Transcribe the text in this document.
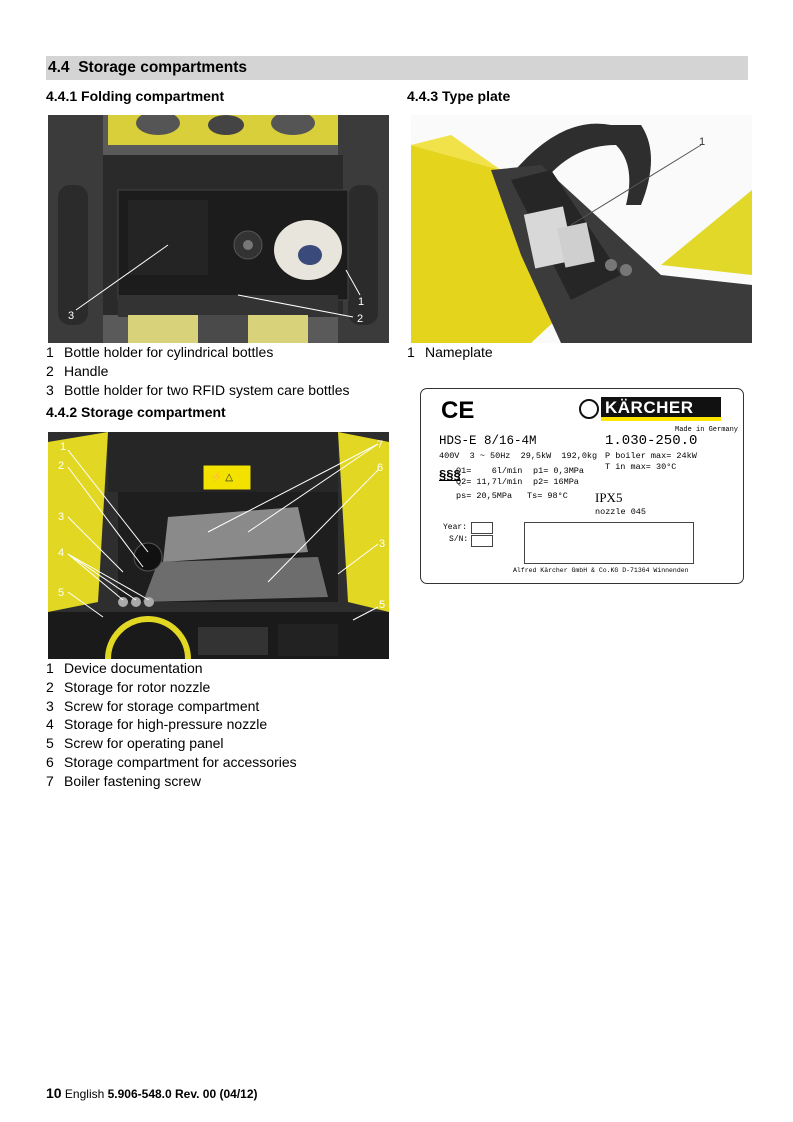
4.4 Storage compartments
4.4.1 Folding compartment
1
2
3
1 Bottle holder for cylindrical bottles
2 Handle
3 Bottle holder for two RFID system care bottles
4.4.2 Storage compartment
⚡ △
1
2
3
4
5
7
6
3
5
1 Device documentation
2 Storage for rotor nozzle
3 Screw for storage compartment
4 Storage for high-pressure nozzle
5 Screw for operating panel
6 Storage compartment for accessories
7 Boiler fastening screw
4.4.3 Type plate
1
1 Nameplate
CE	KÄRCHER
Made in Germany
HDS-E 8/16-4M	1.030-250.0
400V  3 ~ 50Hz  29,5kW  192,0kg P boiler max= 24kW
T in max= 30°C
§§§
Q1=    6l/min p1= 0,3MPa
Q2= 11,7l/min p2= 16MPa
ps= 20,5MPa Ts= 98°C IPX5
nozzle 045
Year:
S/N:
Alfred Kärcher GmbH & Co.KG D-71364 Winnenden
10 English 5.906-548.0 Rev. 00 (04/12)
